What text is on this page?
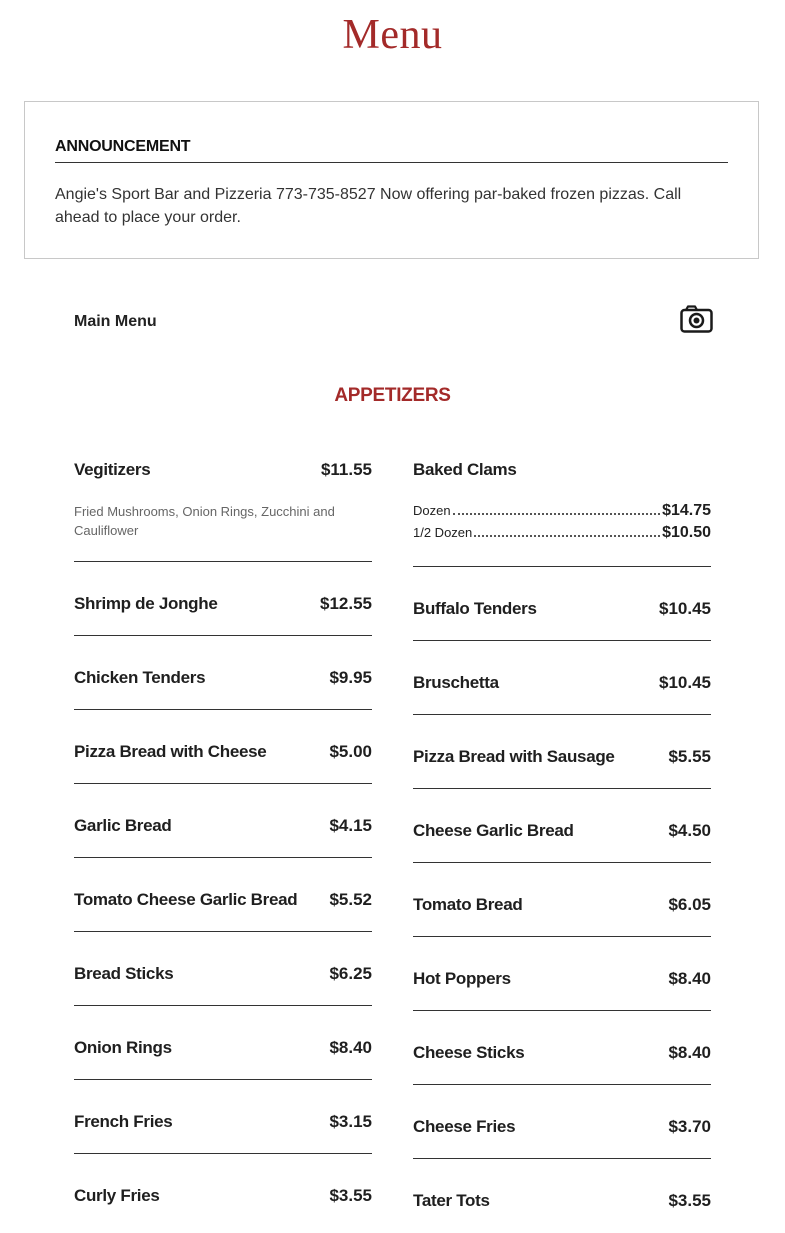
Menu
ANNOUNCEMENT
Angie's Sport Bar and Pizzeria 773-735-8527 Now offering par-baked frozen pizzas. Call ahead to place your order.
Main Menu
APPETIZERS
Vegitizers	$11.55
Fried Mushrooms, Onion Rings, Zucchini and Cauliflower
Shrimp de Jonghe	$12.55
Chicken Tenders	$9.95
Pizza Bread with Cheese	$5.00
Garlic Bread	$4.15
Tomato Cheese Garlic Bread $5.52
Bread Sticks	$6.25
Onion Rings	$8.40
French Fries	$3.15
Curly Fries	$3.55
Baked Clams
Dozen	$14.75
1/2 Dozen	$10.50
Buffalo Tenders	$10.45
Bruschetta	$10.45
Pizza Bread with Sausage	$5.55
Cheese Garlic Bread	$4.50
Tomato Bread	$6.05
Hot Poppers	$8.40
Cheese Sticks	$8.40
Cheese Fries	$3.70
Tater Tots	$3.55
